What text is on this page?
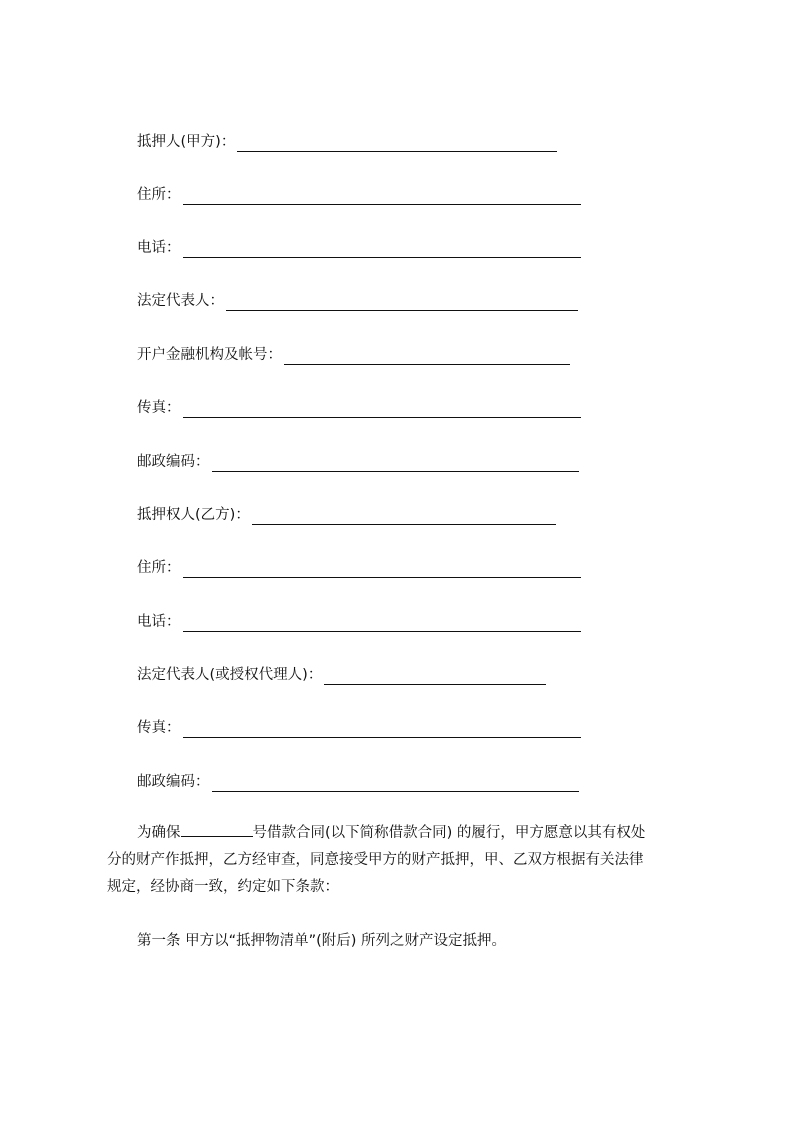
抵押人(甲方)：
住所：
电话：
法定代表人：
开户金融机构及帐号：
传真：
邮政编码：
抵押权人(乙方)：
住所：
电话：
法定代表人(或授权代理人)：
传真：
邮政编码：
为确保	号借款合同(以下简称借款合同) 的履行，甲方愿意以其有权处
分的财产作抵押，乙方经审查，同意接受甲方的财产抵押，甲、乙双方根据有关法律
规定，经协商一致，约定如下条款：
第一条 甲方以“抵押物清单”(附后) 所列之财产设定抵押。
